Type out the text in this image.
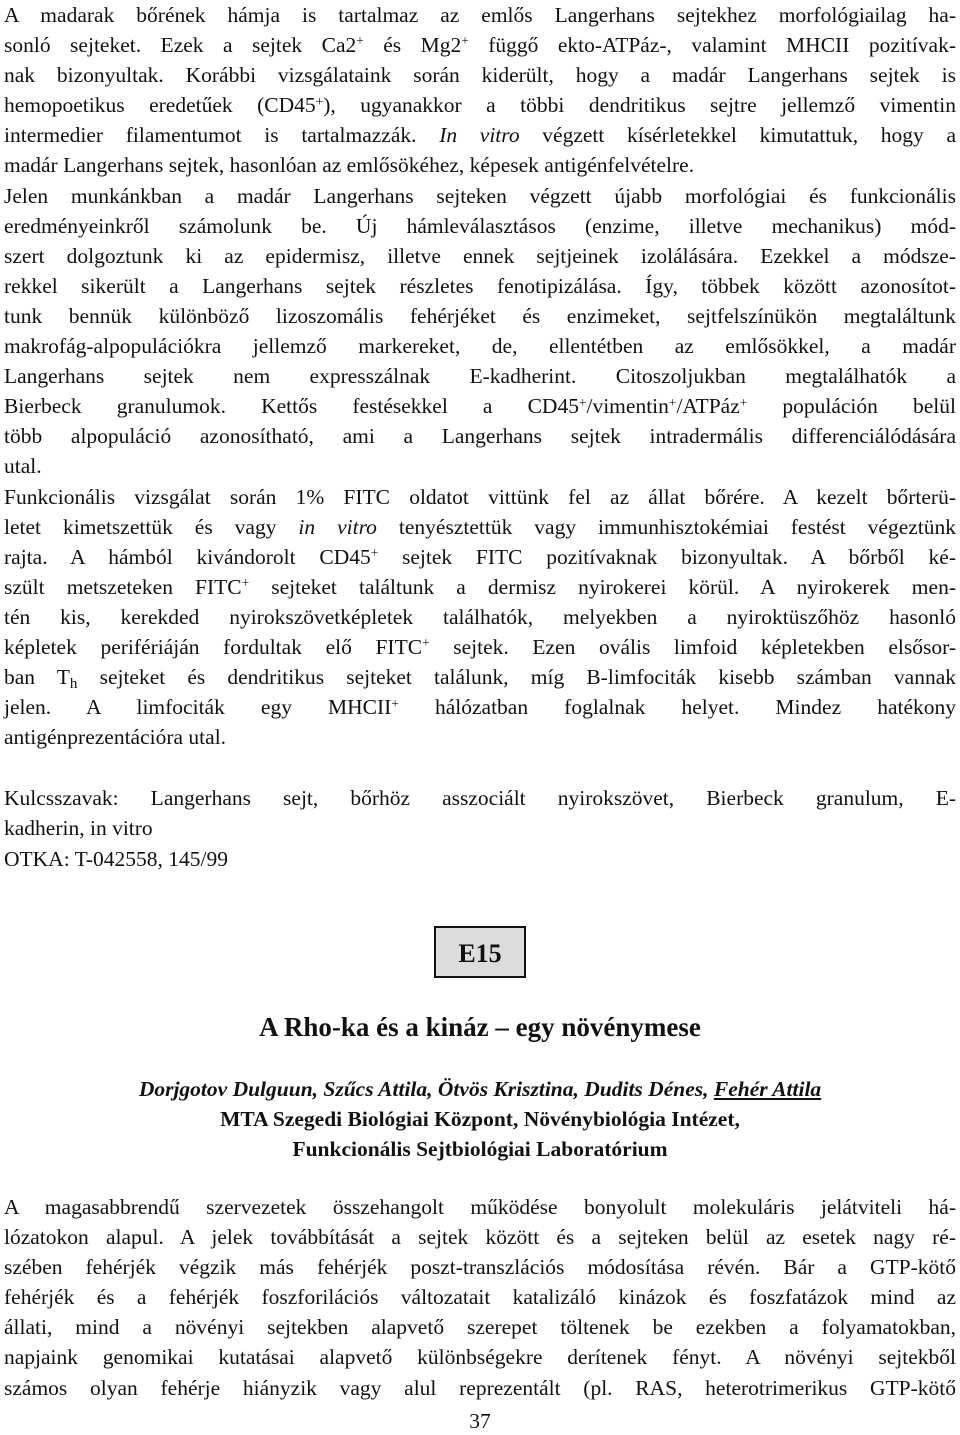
A madarak bőrének hámja is tartalmaz az emlős Langerhans sejtekhez morfológiailag ha-
sonló sejteket. Ezek a sejtek Ca2+ és Mg2+ függő ekto-ATPáz-, valamint MHCII pozitívak-
nak bizonyultak. Korábbi vizsgálataink során kiderült, hogy a madár Langerhans sejtek is
hemopoetikus eredetűek (CD45+), ugyanakkor a többi dendritikus sejtre jellemző vimentin
intermedier filamentumot is tartalmazzák. In vitro végzett kísérletekkel kimutattuk, hogy a
madár Langerhans sejtek, hasonlóan az emlősökéhez, képesek antigénfelvételre.

Jelen munkánkban a madár Langerhans sejteken végzett újabb morfológiai és funkcionális
eredményeinkről számolunk be. Új hámleválasztásos (enzime, illetve mechanikus) mód-
szert dolgoztunk ki az epidermisz, illetve ennek sejtjeinek izolálására. Ezekkel a módsze-
rekkel sikerült a Langerhans sejtek részletes fenotipizálása. Így, többek között azonosítot-
tunk bennük különböző lizoszomális fehérjéket és enzimeket, sejtfelszínükön megtaláltunk
makrofág-alpopulációkra jellemző markereket, de, ellentétben az emlősökkel, a madár
Langerhans sejtek nem expresszálnak E-kadherint. Citoszoljukban megtalálhatók a
Bierbeck granulumok. Kettős festésekkel a CD45+/vimentin+/ATPáz+ populáción belül
több alpopuláció azonosítható, ami a Langerhans sejtek intradermális differenciálódására
utal.

Funkcionális vizsgálat során 1% FITC oldatot vittünk fel az állat bőrére. A kezelt bőrterü-
letet kimetszettük és vagy in vitro tenyésztettük vagy immunhisztokémiai festést végeztünk
rajta. A hámból kivándorolt CD45+ sejtek FITC pozitívaknak bizonyultak. A bőrből ké-
szült metszeteken FITC+ sejteket találtunk a dermisz nyirokerei körül. A nyirokerek men-
tén kis, kerekded nyirokszövetképletek találhatók, melyekben a nyiroktüszőhöz hasonló
képletek perifériáján fordultak elő FITC+ sejtek. Ezen ovális limfoid képletekben elsősor-
ban $T_h$ sejteket és dendritikus sejteket találunk, míg B-limfociták kisebb számban vannak
jelen. A limfociták egy MHCII+ hálózatban foglalnak helyet. Mindez hatékony
antigénprezentációra utal.

Kulcsszavak: Langerhans sejt, bőrhöz asszociált nyirokszövet, Bierbeck granulum, E-
kadherin, in vitro
OTKA: T-042558, 145/99

E15
A Rho-ka és a kináz – egy növénymese
Dorjgotov Dulguun, Szűcs Attila, Ötvös Krisztina, Dudits Dénes, Fehér Attila
MTA Szegedi Biológiai Központ, Növénybiológia Intézet,
Funkcionális Sejtbiológiai Laboratórium

A magasabbrendű szervezetek összehangolt működése bonyolult molekuláris jelátviteli há-
lózatokon alapul. A jelek továbbítását a sejtek között és a sejteken belül az esetek nagy ré-
szében fehérjék végzik más fehérjék poszt-transzlációs módosítása révén. Bár a GTP-kötő
fehérjék és a fehérjék foszforilációs változatait katalizáló kinázok és foszfatázok mind az
állati, mind a növényi sejtekben alapvető szerepet töltenek be ezekben a folyamatokban,
napjaink genomikai kutatásai alapvető különbségekre derítenek fényt. A növényi sejtekből
számos olyan fehérje hiányzik vagy alul reprezentált (pl. RAS, heterotrimerikus GTP-kötő

37
